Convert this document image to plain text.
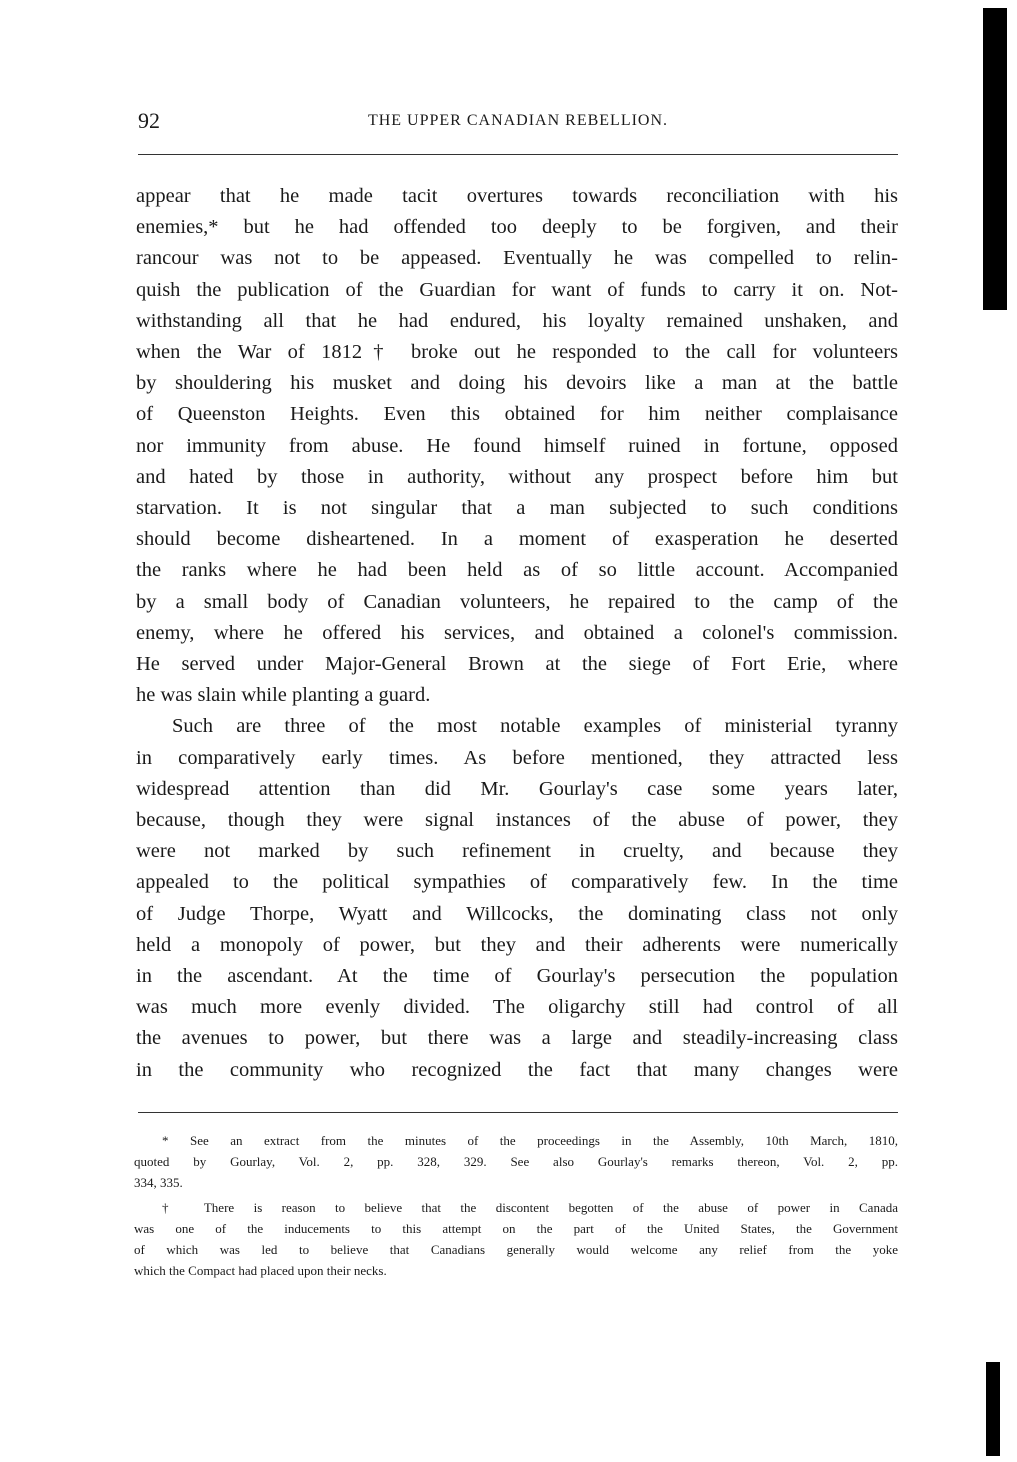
92	THE UPPER CANADIAN REBELLION.
appear that he made tacit overtures towards reconciliation with his
enemies,* but he had offended too deeply to be forgiven, and their
rancour was not to be appeased. Eventually he was compelled to relin-
quish the publication of the Guardian for want of funds to carry it on. Not-
withstanding all that he had endured, his loyalty remained unshaken, and
when the War of 1812† broke out he responded to the call for volunteers
by shouldering his musket and doing his devoirs like a man at the battle
of Queenston Heights. Even this obtained for him neither complaisance
nor immunity from abuse. He found himself ruined in fortune, opposed
and hated by those in authority, without any prospect before him but
starvation. It is not singular that a man subjected to such conditions
should become disheartened. In a moment of exasperation he deserted
the ranks where he had been held as of so little account. Accompanied
by a small body of Canadian volunteers, he repaired to the camp of the
enemy, where he offered his services, and obtained a colonel's commission.
He served under Major-General Brown at the siege of Fort Erie, where
he was slain while planting a guard.
Such are three of the most notable examples of ministerial tyranny
in comparatively early times. As before mentioned, they attracted less
widespread attention than did Mr. Gourlay's case some years later,
because, though they were signal instances of the abuse of power, they
were not marked by such refinement in cruelty, and because they
appealed to the political sympathies of comparatively few. In the time
of Judge Thorpe, Wyatt and Willcocks, the dominating class not only
held a monopoly of power, but they and their adherents were numerically
in the ascendant. At the time of Gourlay's persecution the population
was much more evenly divided. The oligarchy still had control of all
the avenues to power, but there was a large and steadily-increasing class
in the community who recognized the fact that many changes were
* See an extract from the minutes of the proceedings in the Assembly, 10th March, 1810,
quoted by Gourlay, Vol. 2, pp. 328, 329. See also Gourlay's remarks thereon, Vol. 2, pp.
334, 335.
† There is reason to believe that the discontent begotten of the abuse of power in Canada
was one of the inducements to this attempt on the part of the United States, the Government
of which was led to believe that Canadians generally would welcome any relief from the yoke
which the Compact had placed upon their necks.
